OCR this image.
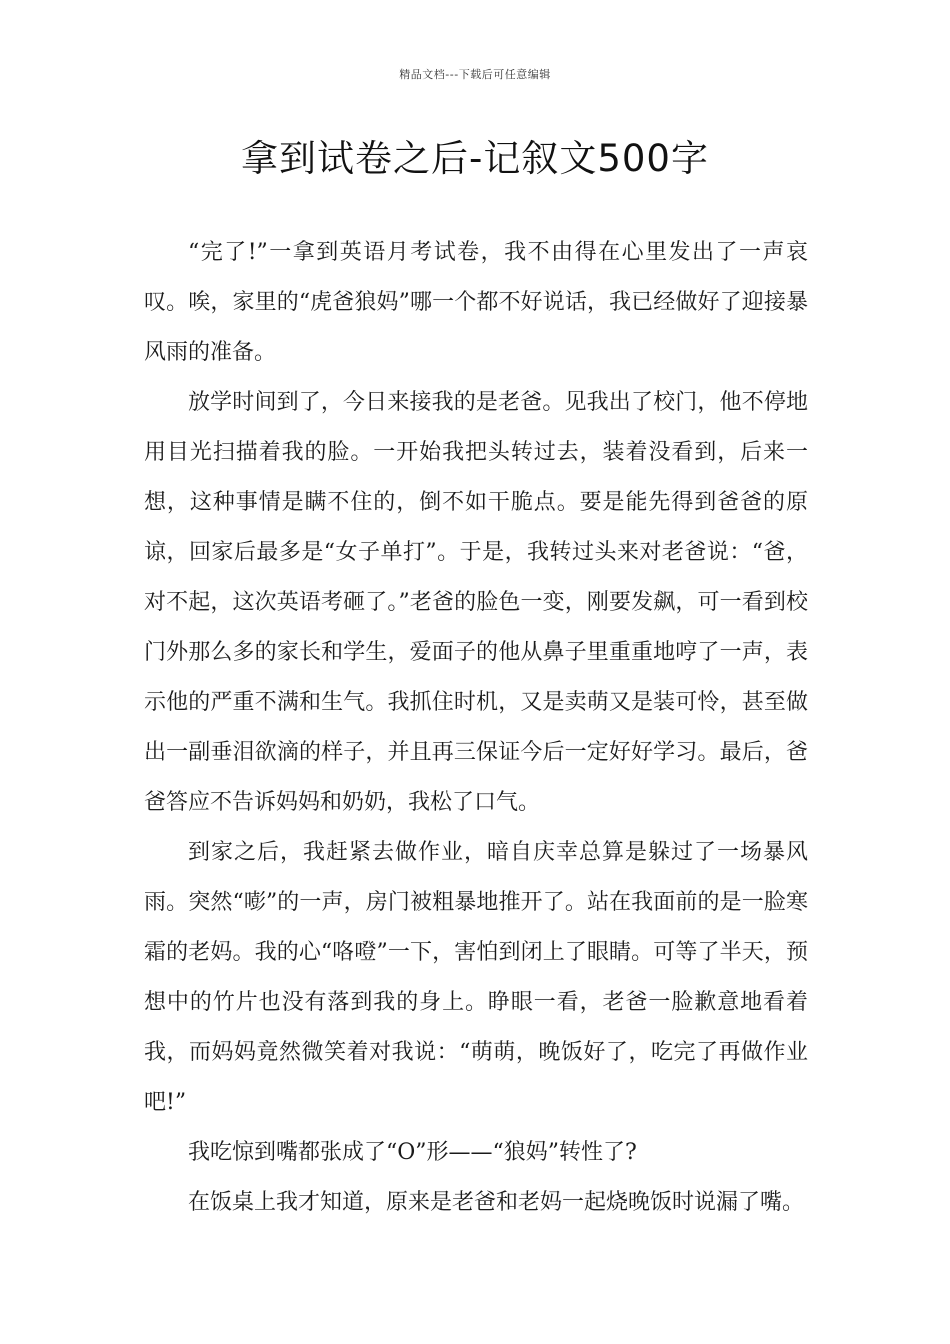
精品文档---下载后可任意编辑
拿到试卷之后-记叙文500字

“完了!”一拿到英语月考试卷，我不由得在心里发出了一声哀叹。唉，家里的“虎爸狼妈”哪一个都不好说话，我已经做好了迎接暴风雨的准备。

放学时间到了，今日来接我的是老爸。见我出了校门，他不停地用目光扫描着我的脸。一开始我把头转过去，装着没看到，后来一想，这种事情是瞒不住的，倒不如干脆点。要是能先得到爸爸的原谅，回家后最多是“女子单打”。于是，我转过头来对老爸说：“爸，对不起，这次英语考砸了。”老爸的脸色一变，刚要发飙，可一看到校门外那么多的家长和学生，爱面子的他从鼻子里重重地哼了一声，表示他的严重不满和生气。我抓住时机，又是卖萌又是装可怜，甚至做出一副垂泪欲滴的样子，并且再三保证今后一定好好学习。最后，爸爸答应不告诉妈妈和奶奶，我松了口气。

到家之后，我赶紧去做作业，暗自庆幸总算是躲过了一场暴风雨。突然“嘭”的一声，房门被粗暴地推开了。站在我面前的是一脸寒霜的老妈。我的心“咯噔”一下，害怕到闭上了眼睛。可等了半天，预想中的竹片也没有落到我的身上。睁眼一看，老爸一脸歉意地看着我，而妈妈竟然微笑着对我说：“萌萌，晚饭好了，吃完了再做作业吧!”

我吃惊到嘴都张成了“O”形——“狼妈”转性了?

在饭桌上我才知道，原来是老爸和老妈一起烧晚饭时说漏了嘴。
